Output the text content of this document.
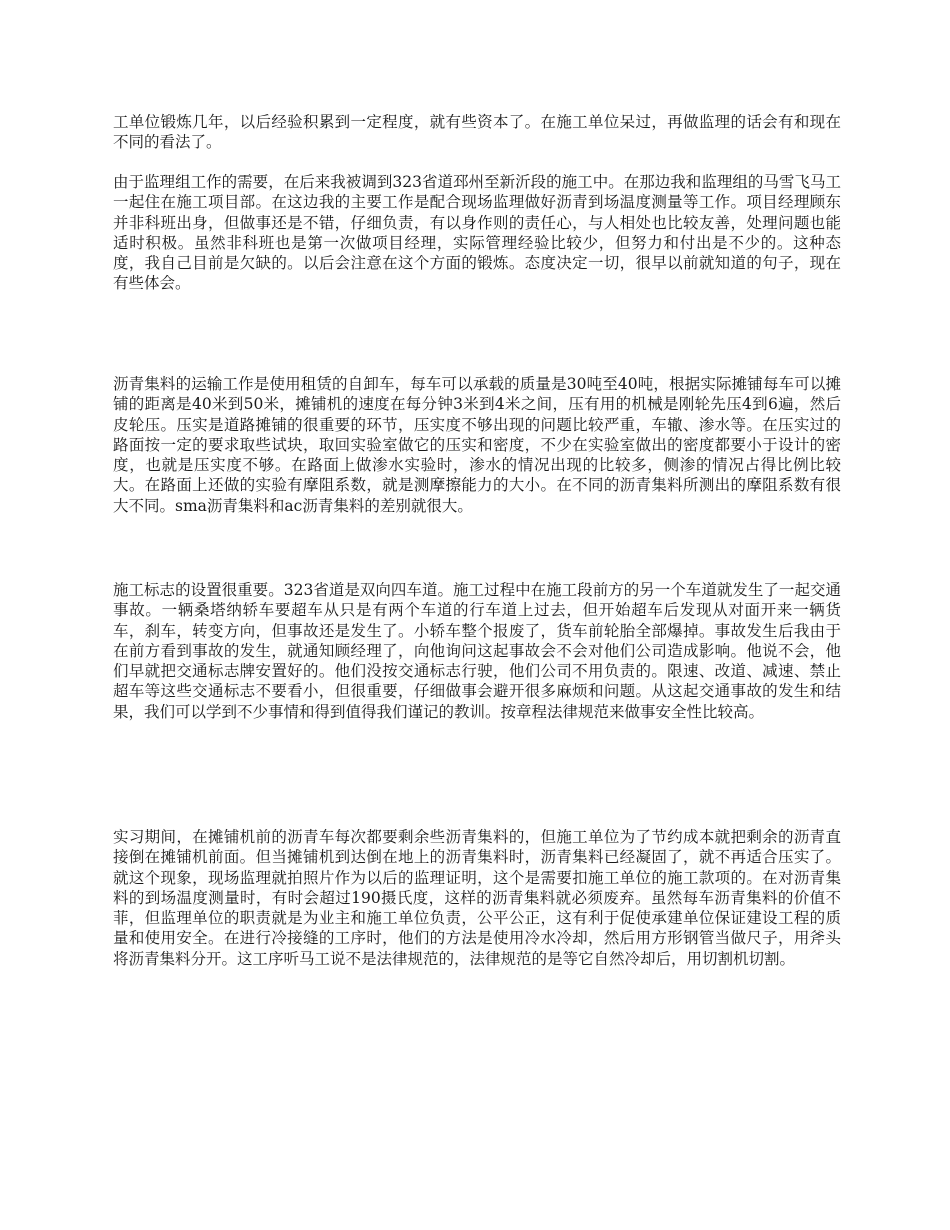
工单位锻炼几年，以后经验积累到一定程度，就有些资本了。在施工单位呆过，再做监理的话会有和现在不同的看法了。

由于监理组工作的需要，在后来我被调到323省道邳州至新沂段的施工中。在那边我和监理组的马雪飞马工一起住在施工项目部。在这边我的主要工作是配合现场监理做好沥青到场温度测量等工作。项目经理顾东并非科班出身，但做事还是不错，仔细负责，有以身作则的责任心，与人相处也比较友善，处理问题也能适时积极。虽然非科班也是第一次做项目经理，实际管理经验比较少，但努力和付出是不少的。这种态度，我自己目前是欠缺的。以后会注意在这个方面的锻炼。态度决定一切，很早以前就知道的句子，现在有些体会。

沥青集料的运输工作是使用租赁的自卸车，每车可以承载的质量是30吨至40吨，根据实际摊铺每车可以摊铺的距离是40米到50米，摊铺机的速度在每分钟3米到4米之间，压有用的机械是刚轮先压4到6遍，然后皮轮压。压实是道路摊铺的很重要的环节，压实度不够出现的问题比较严重，车辙、渗水等。在压实过的路面按一定的要求取些试块，取回实验室做它的压实和密度，不少在实验室做出的密度都要小于设计的密度，也就是压实度不够。在路面上做渗水实验时，渗水的情况出现的比较多，侧渗的情况占得比例比较大。在路面上还做的实验有摩阻系数，就是测摩擦能力的大小。在不同的沥青集料所测出的摩阻系数有很大不同。sma沥青集料和ac沥青集料的差别就很大。

施工标志的设置很重要。323省道是双向四车道。施工过程中在施工段前方的另一个车道就发生了一起交通事故。一辆桑塔纳轿车要超车从只是有两个车道的行车道上过去，但开始超车后发现从对面开来一辆货车，刹车，转变方向，但事故还是发生了。小轿车整个报废了，货车前轮胎全部爆掉。事故发生后我由于在前方看到事故的发生，就通知顾经理了，向他询问这起事故会不会对他们公司造成影响。他说不会，他们早就把交通标志牌安置好的。他们没按交通标志行驶，他们公司不用负责的。限速、改道、减速、禁止超车等这些交通标志不要看小，但很重要，仔细做事会避开很多麻烦和问题。从这起交通事故的发生和结果，我们可以学到不少事情和得到值得我们谨记的教训。按章程法律规范来做事安全性比较高。

实习期间，在摊铺机前的沥青车每次都要剩余些沥青集料的，但施工单位为了节约成本就把剩余的沥青直接倒在摊铺机前面。但当摊铺机到达倒在地上的沥青集料时，沥青集料已经凝固了，就不再适合压实了。就这个现象，现场监理就拍照片作为以后的监理证明，这个是需要扣施工单位的施工款项的。在对沥青集料的到场温度测量时，有时会超过190摄氏度，这样的沥青集料就必须废弃。虽然每车沥青集料的价值不菲，但监理单位的职责就是为业主和施工单位负责，公平公正，这有利于促使承建单位保证建设工程的质量和使用安全。在进行冷接缝的工序时，他们的方法是使用冷水冷却，然后用方形钢管当做尺子，用斧头将沥青集料分开。这工序听马工说不是法律规范的，法律规范的是等它自然冷却后，用切割机切割。
